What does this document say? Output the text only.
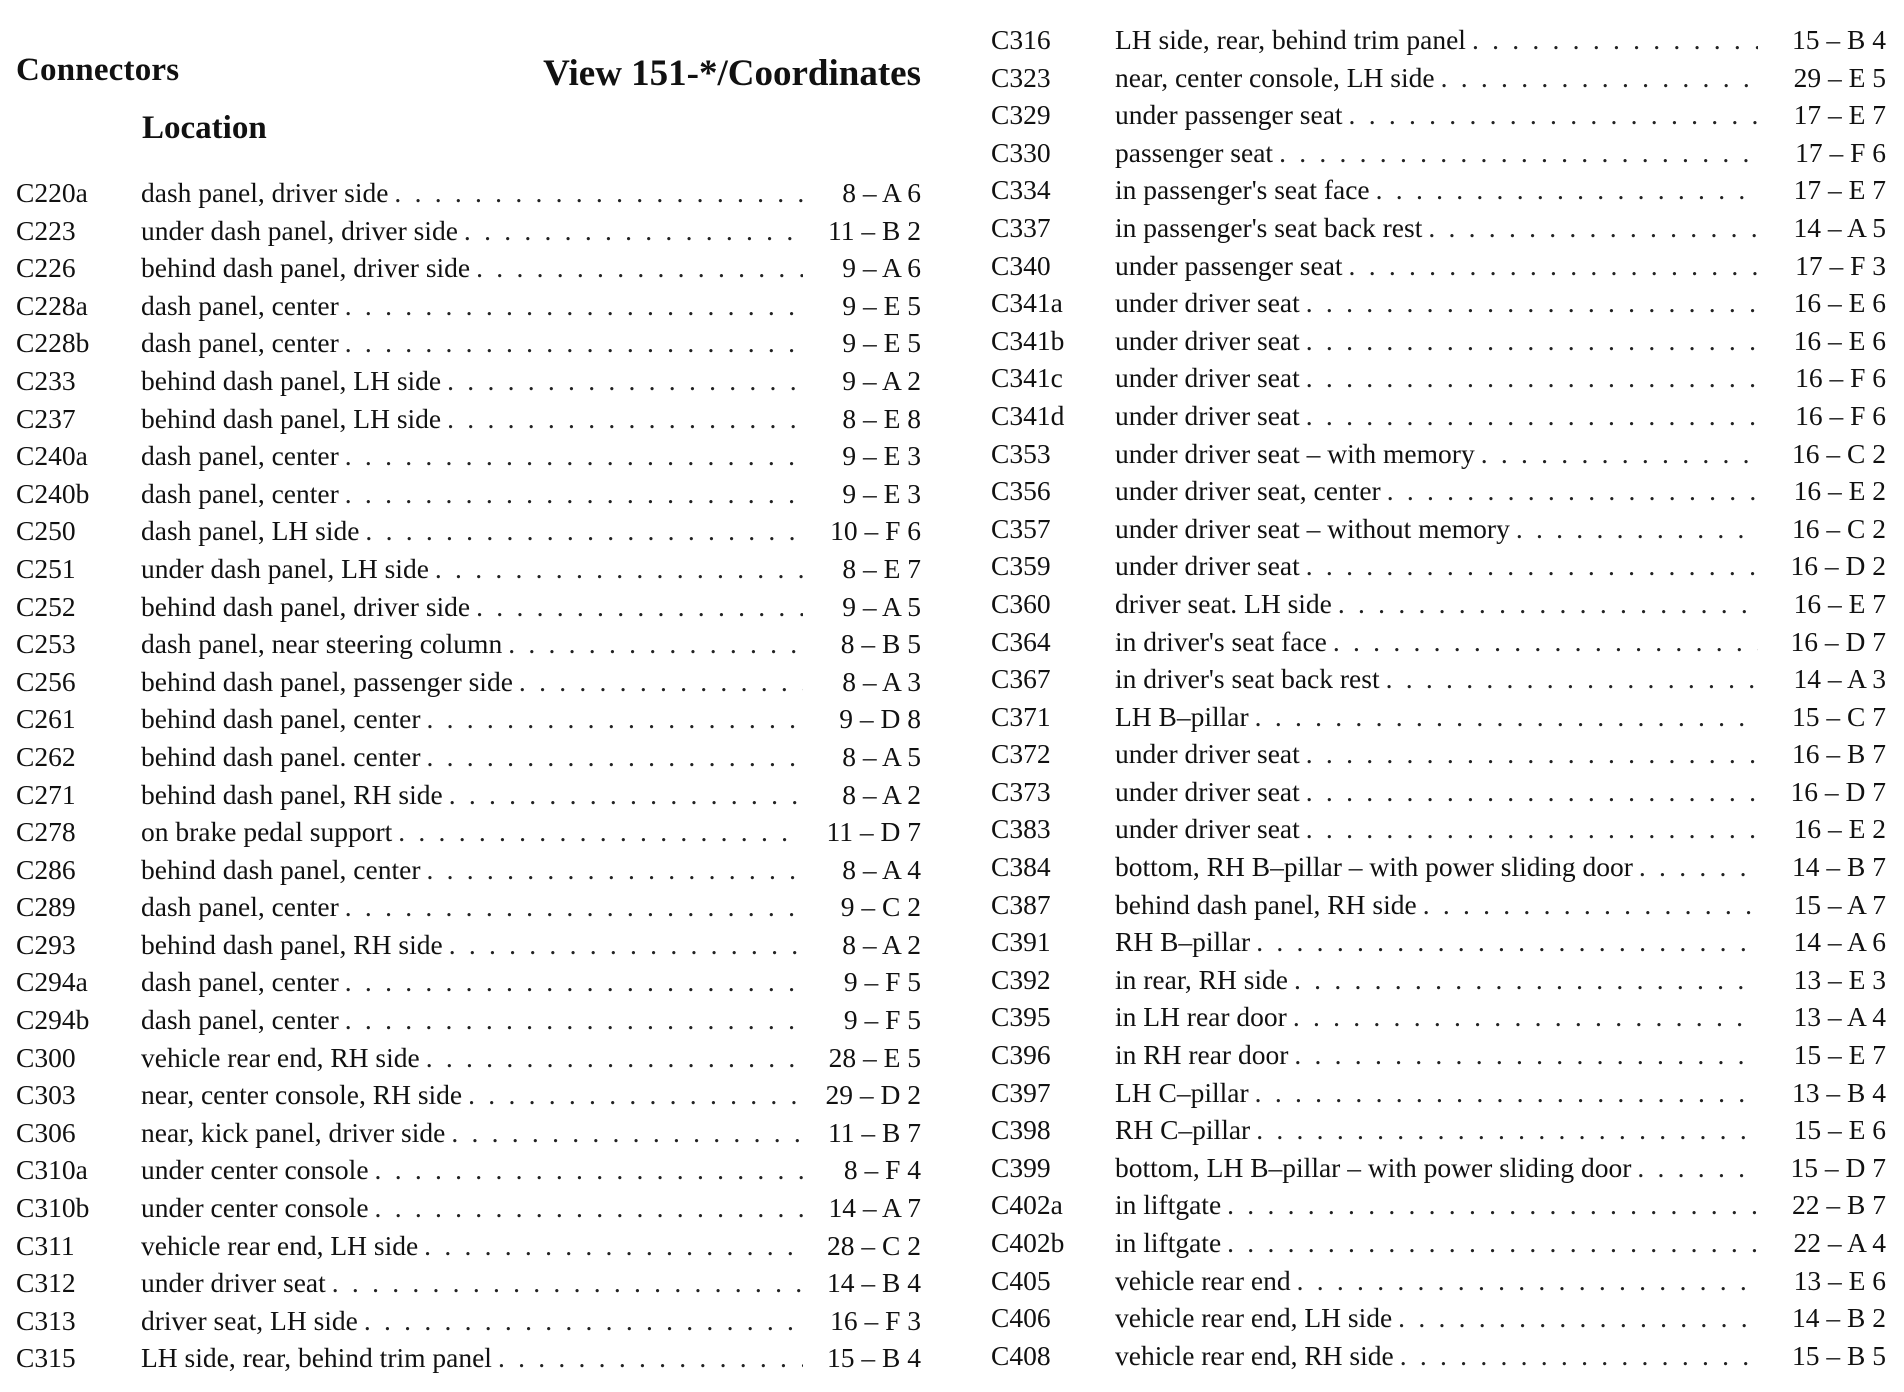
Connectors	View 151-*/Coordinates
Location
C220a	dash panel, driver side . . .	8 – A 6
C223	under dash panel, driver side . . .	11 – B 2
C226	behind dash panel, driver side . . .	9 – A 6
C228a	dash panel, center . . .	9 – E 5
C228b	dash panel, center . . .	9 – E 5
C233	behind dash panel, LH side . . .	9 – A 2
C237	behind dash panel, LH side . . .	8 – E 8
C240a	dash panel, center . . .	9 – E 3
C240b	dash panel, center . . .	9 – E 3
C250	dash panel, LH side . . .	10 – F 6
C251	under dash panel, LH side . . .	8 – E 7
C252	behind dash panel, driver side . . .	9 – A 5
C253	dash panel, near steering column . . .	8 – B 5
C256	behind dash panel, passenger side . . .	8 – A 3
C261	behind dash panel, center . . .	9 – D 8
C262	behind dash panel. center . . .	8 – A 5
C271	behind dash panel, RH side . . .	8 – A 2
C278	on brake pedal support . . .	11 – D 7
C286	behind dash panel, center . . .	8 – A 4
C289	dash panel, center . . .	9 – C 2
C293	behind dash panel, RH side . . .	8 – A 2
C294a	dash panel, center . . .	9 – F 5
C294b	dash panel, center . . .	9 – F 5
C300	vehicle rear end, RH side . . .	28 – E 5
C303	near, center console, RH side . . .	29 – D 2
C306	near, kick panel, driver side . . .	11 – B 7
C310a	under center console . . .	8 – F 4
C310b	under center console . . .	14 – A 7
C311	vehicle rear end, LH side . . .	28 – C 2
C312	under driver seat . . .	14 – B 4
C313	driver seat, LH side . . .	16 – F 3
C315	LH side, rear, behind trim panel . . .	15 – B 4
C316	LH side, rear, behind trim panel . . .	15 – B 4
C323	near, center console, LH side . . .	29 – E 5
C329	under passenger seat . . .	17 – E 7
C330	passenger seat . . .	17 – F 6
C334	in passenger's seat face . . .	17 – E 7
C337	in passenger's seat back rest . . .	14 – A 5
C340	under passenger seat . . .	17 – F 3
C341a	under driver seat . . .	16 – E 6
C341b	under driver seat . . .	16 – E 6
C341c	under driver seat . . .	16 – F 6
C341d	under driver seat . . .	16 – F 6
C353	under driver seat – with memory . . .	16 – C 2
C356	under driver seat, center . . .	16 – E 2
C357	under driver seat – without memory . . .	16 – C 2
C359	under driver seat . . .	16 – D 2
C360	driver seat. LH side . . .	16 – E 7
C364	in driver's seat face . . .	16 – D 7
C367	in driver's seat back rest . . .	14 – A 3
C371	LH B–pillar . . .	15 – C 7
C372	under driver seat . . .	16 – B 7
C373	under driver seat . . .	16 – D 7
C383	under driver seat . . .	16 – E 2
C384	bottom, RH B–pillar – with power sliding door . . .	14 – B 7
C387	behind dash panel, RH side . . .	15 – A 7
C391	RH B–pillar . . .	14 – A 6
C392	in rear, RH side . . .	13 – E 3
C395	in LH rear door . . .	13 – A 4
C396	in RH rear door . . .	15 – E 7
C397	LH C–pillar . . .	13 – B 4
C398	RH C–pillar . . .	15 – E 6
C399	bottom, LH B–pillar – with power sliding door . . .	15 – D 7
C402a	in liftgate . . .	22 – B 7
C402b	in liftgate . . .	22 – A 4
C405	vehicle rear end . . .	13 – E 6
C406	vehicle rear end, LH side . . .	14 – B 2
C408	vehicle rear end, RH side . . .	15 – B 5
